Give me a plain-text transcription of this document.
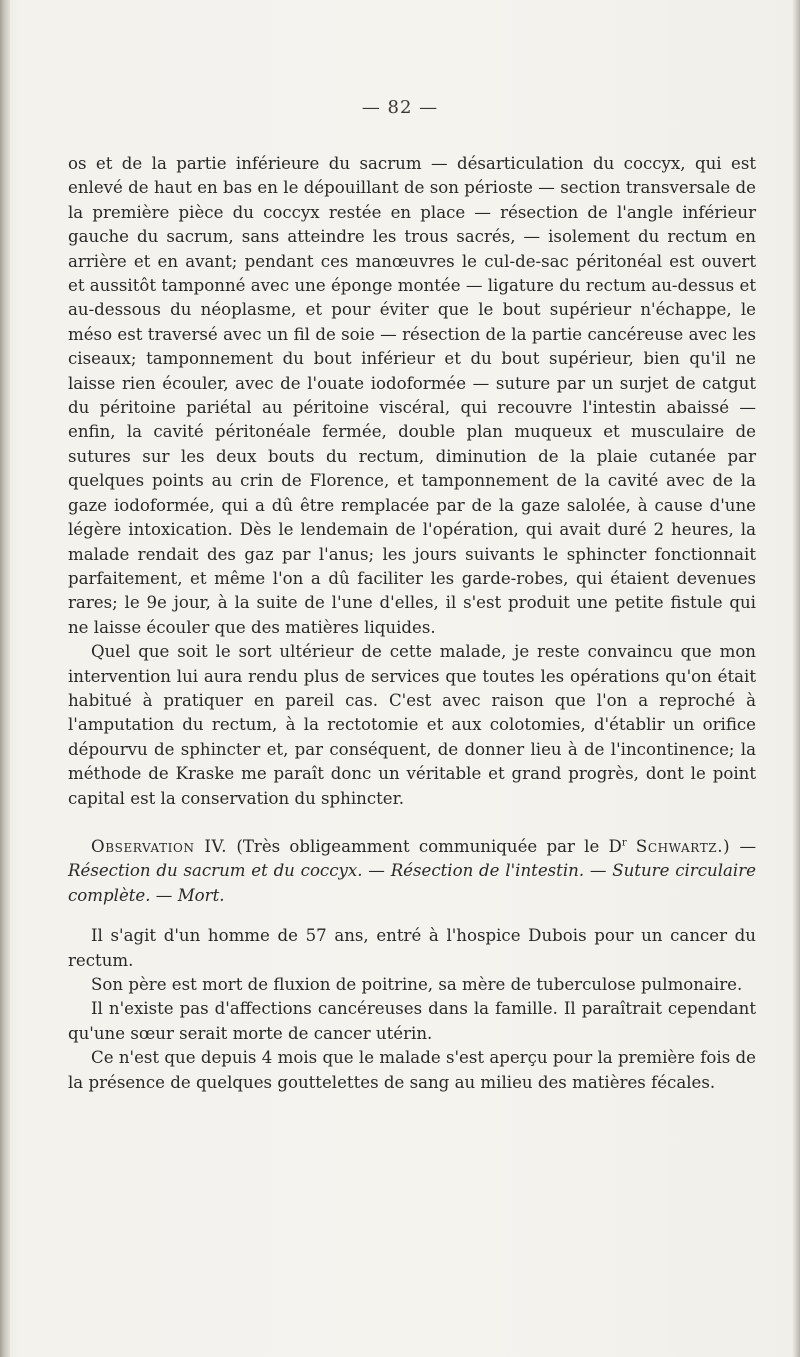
— 82 —

os et de la partie inférieure du sacrum — désarticulation du coccyx, qui est enlevé de haut en bas en le dépouillant de son périoste — section transversale de la première pièce du coccyx restée en place — résection de l'angle inférieur gauche du sacrum, sans atteindre les trous sacrés, — isolement du rectum en arrière et en avant; pendant ces manœuvres le cul-de-sac péritonéal est ouvert et aussitôt tamponné avec une éponge montée — ligature du rectum au-dessus et au-dessous du néoplasme, et pour éviter que le bout supérieur n'échappe, le méso est traversé avec un fil de soie — résection de la partie cancéreuse avec les ciseaux; tamponnement du bout inférieur et du bout supérieur, bien qu'il ne laisse rien écouler, avec de l'ouate iodoformée — suture par un surjet de catgut du péritoine pariétal au péritoine viscéral, qui recouvre l'intestin abaissé — enfin, la cavité péritonéale fermée, double plan muqueux et musculaire de sutures sur les deux bouts du rectum, diminution de la plaie cutanée par quelques points au crin de Florence, et tamponnement de la cavité avec de la gaze iodoformée, qui a dû être remplacée par de la gaze salolée, à cause d'une légère intoxication. Dès le lendemain de l'opération, qui avait duré 2 heures, la malade rendait des gaz par l'anus; les jours suivants le sphincter fonctionnait parfaitement, et même l'on a dû faciliter les garde-robes, qui étaient devenues rares; le 9e jour, à la suite de l'une d'elles, il s'est produit une petite fistule qui ne laisse écouler que des matières liquides.

Quel que soit le sort ultérieur de cette malade, je reste convaincu que mon intervention lui aura rendu plus de services que toutes les opérations qu'on était habitué à pratiquer en pareil cas. C'est avec raison que l'on a reproché à l'amputation du rectum, à la rectotomie et aux colotomies, d'établir un orifice dépourvu de sphincter et, par conséquent, de donner lieu à de l'incontinence; la méthode de Kraske me paraît donc un véritable et grand progrès, dont le point capital est la conservation du sphincter.

Observation IV. (Très obligeamment communiquée par le $D^r$ Schwartz.) — Résection du sacrum et du coccyx. — Résection de l'intestin. — Suture circulaire complète. — Mort.

Il s'agit d'un homme de 57 ans, entré à l'hospice Dubois pour un cancer du rectum.

Son père est mort de fluxion de poitrine, sa mère de tuberculose pulmonaire.

Il n'existe pas d'affections cancéreuses dans la famille. Il paraîtrait cependant qu'une sœur serait morte de cancer utérin.

Ce n'est que depuis 4 mois que le malade s'est aperçu pour la première fois de la présence de quelques gouttelettes de sang au milieu des matières fécales.
